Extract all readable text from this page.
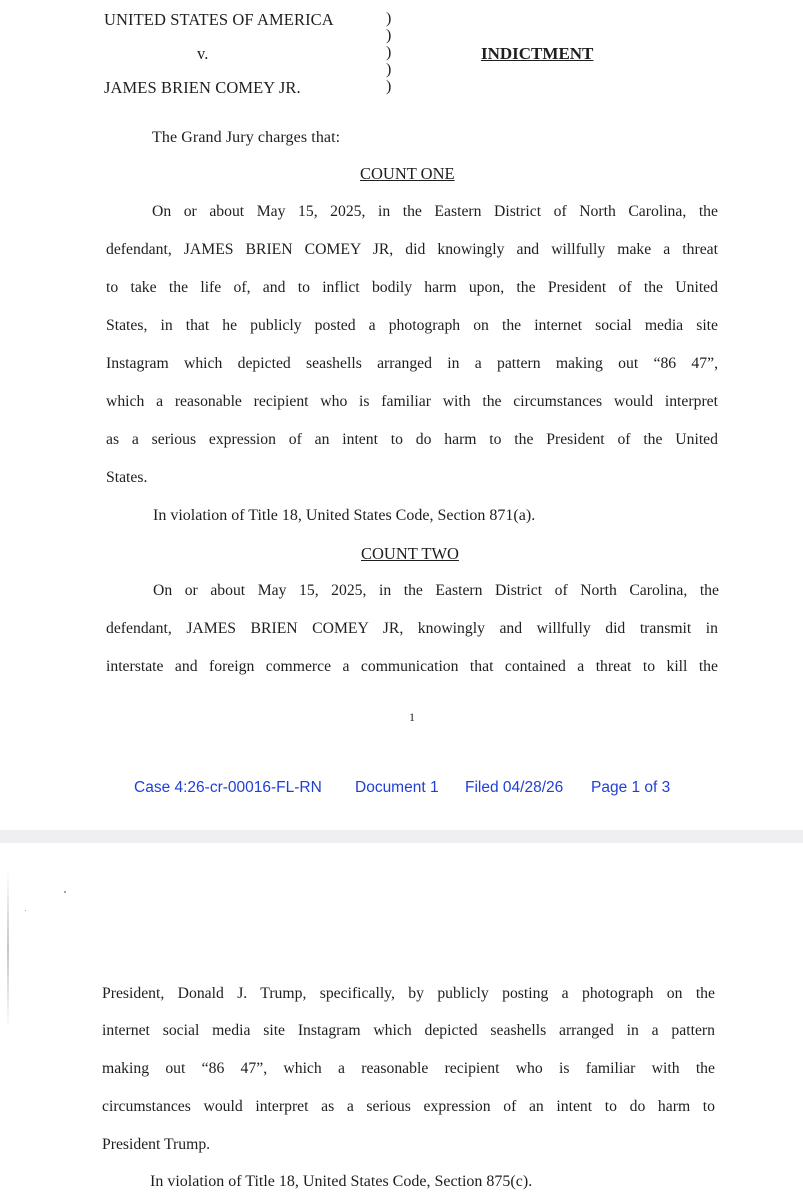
UNITED STATES OF AMERICA
v.
JAMES BRIEN COMEY JR.
)
)
)
)
)
INDICTMENT
The Grand Jury charges that:
COUNT ONE
On or about May 15, 2025, in the Eastern District of North Carolina, the
defendant, JAMES BRIEN COMEY JR, did knowingly and willfully make a threat
to take the life of, and to inflict bodily harm upon, the President of the United
States, in that he publicly posted a photograph on the internet social media site
Instagram which depicted seashells arranged in a pattern making out “86 47”,
which a reasonable recipient who is familiar with the circumstances would interpret
as a serious expression of an intent to do harm to the President of the United
States.
In violation of Title 18, United States Code, Section 871(a).
COUNT TWO
On or about May 15, 2025, in the Eastern District of North Carolina, the
defendant, JAMES BRIEN COMEY JR, knowingly and willfully did transmit in
interstate and foreign commerce a communication that contained a threat to kill the
1
Case 4:26-cr-00016-FL-RN Document 1 Filed 04/28/26 Page 1 of 3
President, Donald J. Trump, specifically, by publicly posting a photograph on the
internet social media site Instagram which depicted seashells arranged in a pattern
making out “86 47”, which a reasonable recipient who is familiar with the
circumstances would interpret as a serious expression of an intent to do harm to
President Trump.
In violation of Title 18, United States Code, Section 875(c).
